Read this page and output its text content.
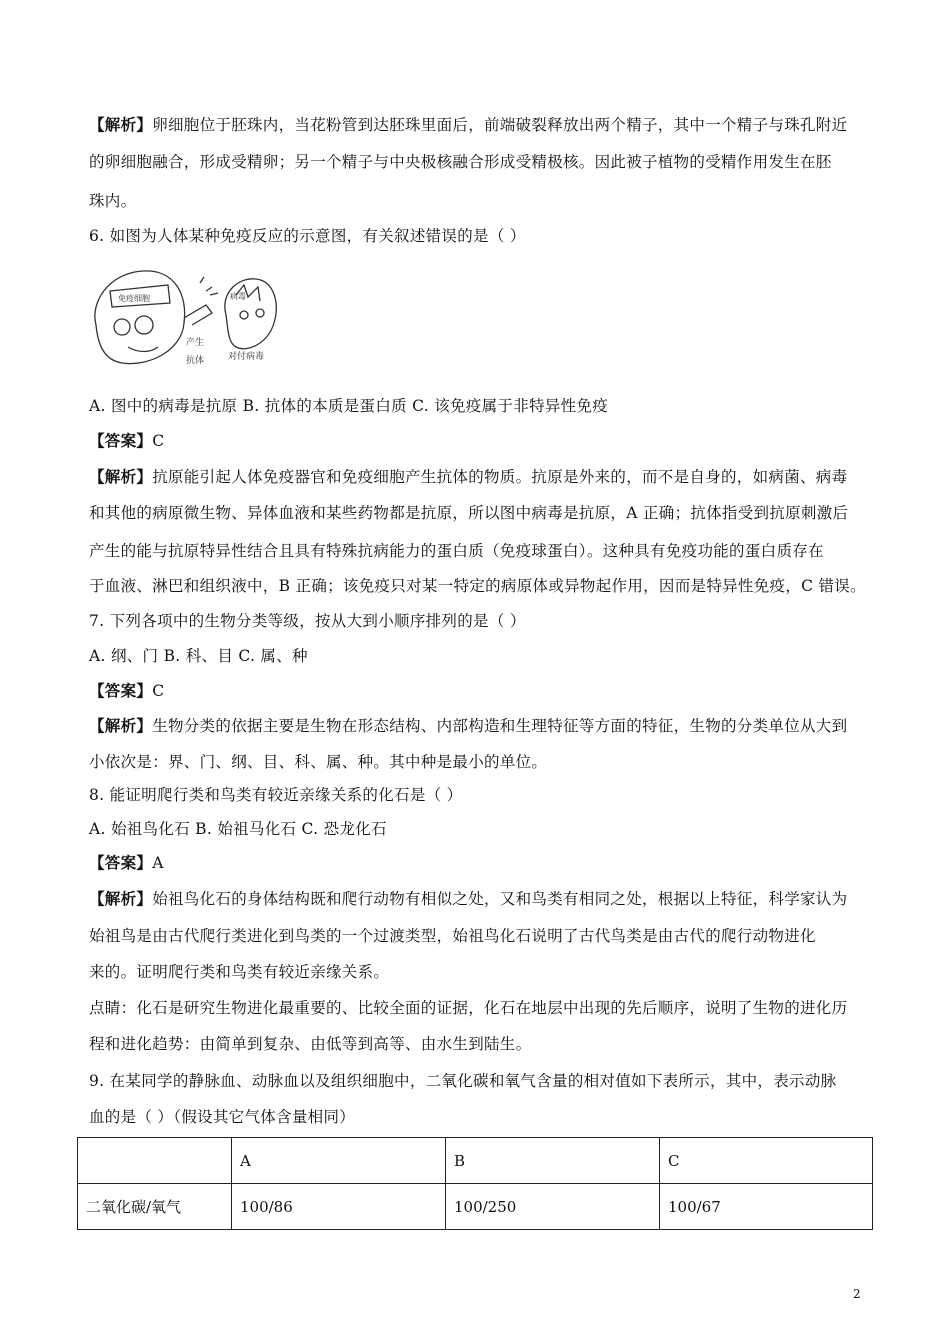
【解析】卵细胞位于胚珠内，当花粉管到达胚珠里面后，前端破裂释放出两个精子，其中一个精子与珠孔附近
的卵细胞融合，形成受精卵；另一个精子与中央极核融合形成受精极核。因此被子植物的受精作用发生在胚
珠内。
6. 如图为人体某种免疫反应的示意图，有关叙述错误的是（ ）
免疫细胞
产生
抗体
病毒
对付病毒
A. 图中的病毒是抗原 B. 抗体的本质是蛋白质 C. 该免疫属于非特异性免疫
【答案】C
【解析】抗原能引起人体免疫器官和免疫细胞产生抗体的物质。抗原是外来的，而不是自身的，如病菌、病毒
和其他的病原微生物、异体血液和某些药物都是抗原，所以图中病毒是抗原，A 正确；抗体指受到抗原刺激后
产生的能与抗原特异性结合且具有特殊抗病能力的蛋白质（免疫球蛋白）。这种具有免疫功能的蛋白质存在
于血液、淋巴和组织液中，B 正确；该免疫只对某一特定的病原体或异物起作用，因而是特异性免疫，C 错误。
7. 下列各项中的生物分类等级，按从大到小顺序排列的是（ ）
A. 纲、门 B. 科、目 C. 属、种
【答案】C
【解析】生物分类的依据主要是生物在形态结构、内部构造和生理特征等方面的特征，生物的分类单位从大到
小依次是：界、门、纲、目、科、属、种。其中种是最小的单位。
8. 能证明爬行类和鸟类有较近亲缘关系的化石是（ ）
A. 始祖鸟化石 B. 始祖马化石 C. 恐龙化石
【答案】A
【解析】始祖鸟化石的身体结构既和爬行动物有相似之处，又和鸟类有相同之处，根据以上特征，科学家认为
始祖鸟是由古代爬行类进化到鸟类的一个过渡类型，始祖鸟化石说明了古代鸟类是由古代的爬行动物进化
来的。证明爬行类和鸟类有较近亲缘关系。
点睛：化石是研究生物进化最重要的、比较全面的证据，化石在地层中出现的先后顺序，说明了生物的进化历
程和进化趋势：由简单到复杂、由低等到高等、由水生到陆生。
9. 在某同学的静脉血、动脉血以及组织细胞中，二氧化碳和氧气含量的相对值如下表所示，其中，表示动脉
血的是（ ）（假设其它气体含量相同）
	A	B	C
二氧化碳/氧气	100/86	100/250	100/67
2
